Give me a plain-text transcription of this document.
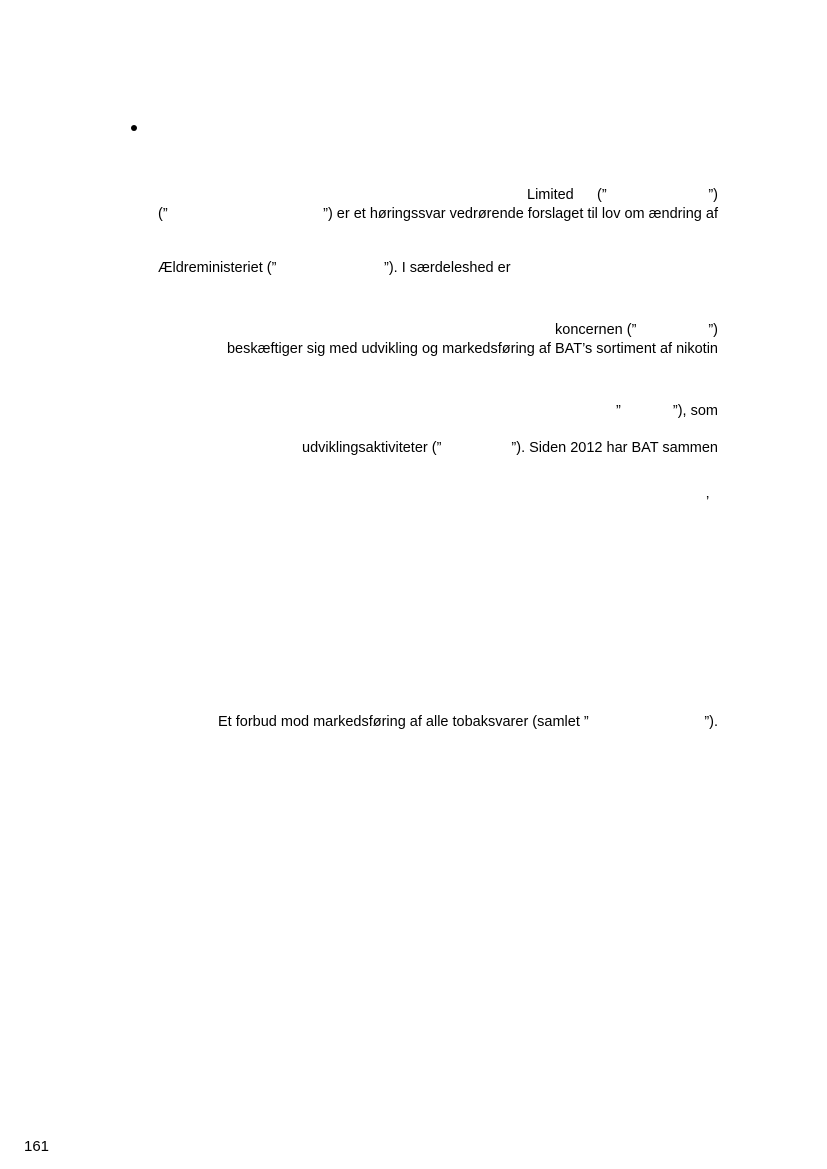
Limited (”	”)
(”	”) er et høringssvar vedrørende forslaget til lov om ændring af
Ældreministeriet (”	”). I særdeleshed er
koncernen (”	”)
beskæftiger sig med udvikling og markedsføring af BAT’s sortiment af nikotin
”	”), som
udviklingsaktiviteter (”	”). Siden 2012 har BAT sammen
’
Et forbud mod markedsføring af alle tobaksvarer (samlet ”	”).
161
